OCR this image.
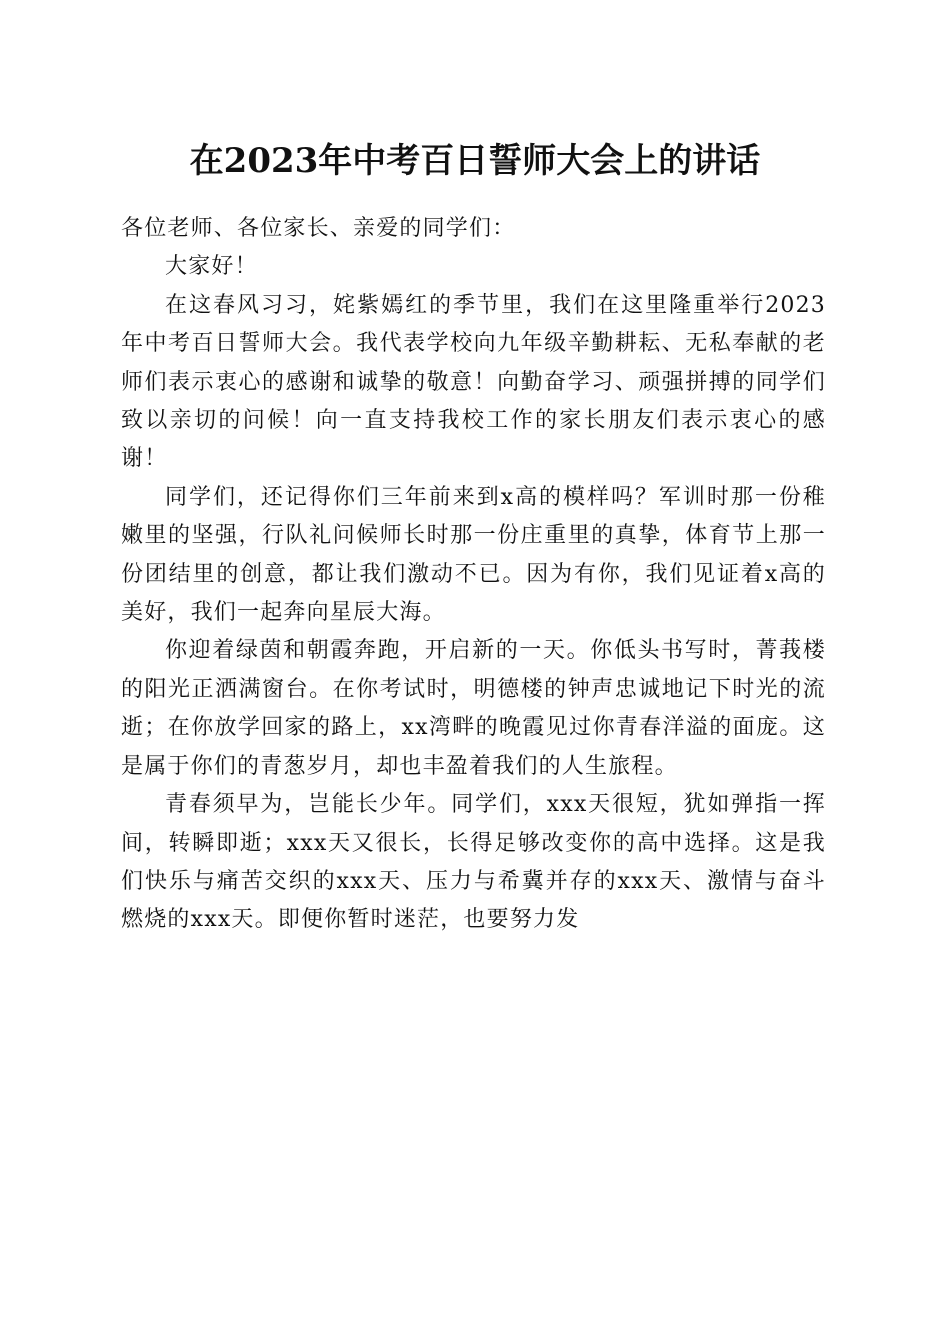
在2023年中考百日誓师大会上的讲话

各位老师、各位家长、亲爱的同学们：

大家好！

在这春风习习，姹紫嫣红的季节里，我们在这里隆重举行2023年中考百日誓师大会。我代表学校向九年级辛勤耕耘、无私奉献的老师们表示衷心的感谢和诚挚的敬意！向勤奋学习、顽强拼搏的同学们致以亲切的问候！向一直支持我校工作的家长朋友们表示衷心的感谢！

同学们，还记得你们三年前来到x高的模样吗？军训时那一份稚嫩里的坚强，行队礼问候师长时那一份庄重里的真挚，体育节上那一份团结里的创意，都让我们激动不已。因为有你，我们见证着x高的美好，我们一起奔向星辰大海。

你迎着绿茵和朝霞奔跑，开启新的一天。你低头书写时，菁莪楼的阳光正洒满窗台。在你考试时，明德楼的钟声忠诚地记下时光的流逝；在你放学回家的路上，xx湾畔的晚霞见过你青春洋溢的面庞。这是属于你们的青葱岁月，却也丰盈着我们的人生旅程。

青春须早为，岂能长少年。同学们，xxx天很短，犹如弹指一挥间，转瞬即逝；xxx天又很长，长得足够改变你的高中选择。这是我们快乐与痛苦交织的xxx天、压力与希冀并存的xxx天、激情与奋斗燃烧的xxx天。即便你暂时迷茫，也要努力发
